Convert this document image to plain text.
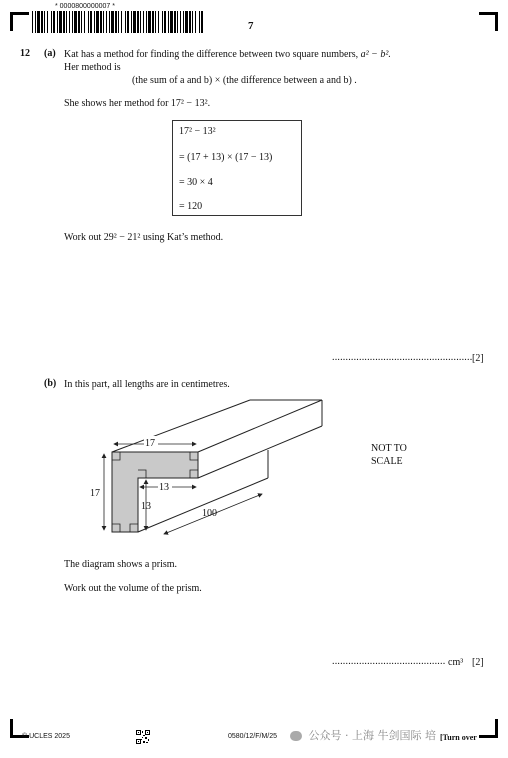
* 0000800000007 *
7
12 (a) Kat has a method for finding the difference between two square numbers, a² − b².
Her method is
(the sum of a and b) × (the difference between a and b) .
She shows her method for 17² − 13².
17² − 13²
= (17 + 13) × (17 − 13)
= 30 × 4
= 120
Work out 29² − 21² using Kat’s method.
.................................................... [2]
(b) In this part, all lengths are in centimetres.
17
17
13
13
100
NOT TO
SCALE
The diagram shows a prism.
Work out the volume of the prism.
.......................................... cm³ [2]
© UCLES 2025	0580/12/F/M/25	公众号 · 上海 牛剑国际 培 [Turn over
